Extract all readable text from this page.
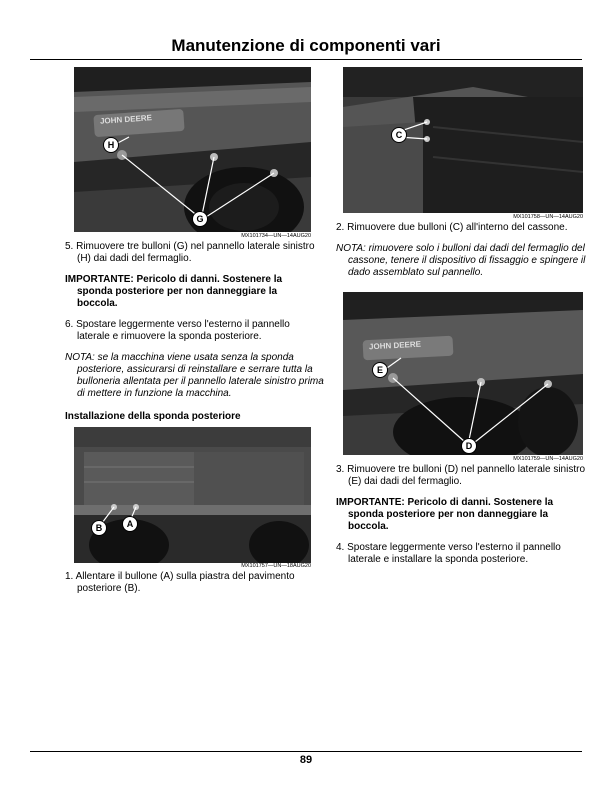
Manutenzione di componenti vari
JOHN DEERE
H
G
MX101734—UN—14AUG20
5. Rimuovere tre bulloni (G) nel pannello laterale sinistro (H) dai dadi del fermaglio.
IMPORTANTE: Pericolo di danni. Sostenere la sponda posteriore per non danneggiare la boccola.
6. Spostare leggermente verso l'esterno il pannello laterale e rimuovere la sponda posteriore.
NOTA: se la macchina viene usata senza la sponda posteriore, assicurarsi di reinstallare e serrare tutta la bulloneria allentata per il pannello laterale sinistro prima di mettere in funzione la macchina.
Installazione della sponda posteriore
B	A
MX101757—UN—18AUG20
1. Allentare il bullone (A) sulla piastra del pavimento posteriore (B).
C
MX101758—UN—14AUG20
2. Rimuovere due bulloni (C) all'interno del cassone.
NOTA: rimuovere solo i bulloni dai dadi del fermaglio del cassone, tenere il dispositivo di fissaggio e spingere il dado assemblato sul pannello.
JOHN DEERE
E
D
MX101759—UN—14AUG20
3. Rimuovere tre bulloni (D) nel pannello laterale sinistro (E) dai dadi del fermaglio.
IMPORTANTE: Pericolo di danni. Sostenere la sponda posteriore per non danneggiare la boccola.
4. Spostare leggermente verso l'esterno il pannello laterale e installare la sponda posteriore.
89
